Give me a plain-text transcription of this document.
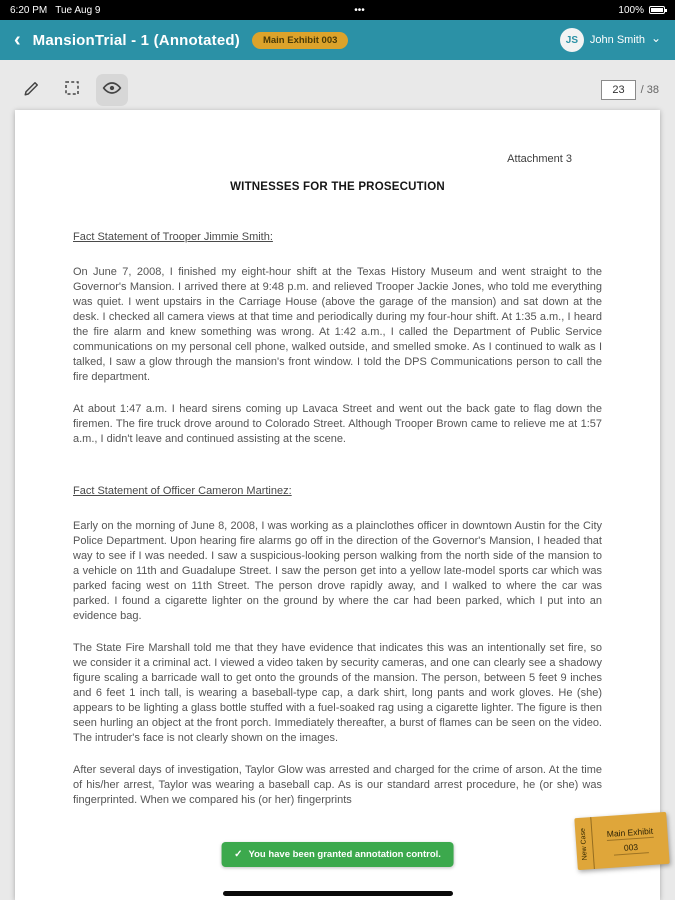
6:20 PM Tue Aug 9	•••	100%
‹ MansionTrial - 1 (Annotated)	Main Exhibit 003	JS	John Smith ⌄
23	/ 38
Attachment 3
WITNESSES FOR THE PROSECUTION
Fact Statement of Trooper Jimmie Smith:

On June 7, 2008, I finished my eight-hour shift at the Texas History Museum and went straight to the Governor's Mansion. I arrived there at 9:48 p.m. and relieved Trooper Jackie Jones, who told me everything was quiet. I went upstairs in the Carriage House (above the garage of the mansion) and sat down at the desk. I checked all camera views at that time and periodically during my four-hour shift. At 1:35 a.m., I heard the fire alarm and knew something was wrong. At 1:42 a.m., I called the Department of Public Service communications on my personal cell phone, walked outside, and smelled smoke. As I continued to walk as I talked, I saw a glow through the mansion's front window. I told the DPS Communications person to call the fire department.

At about 1:47 a.m. I heard sirens coming up Lavaca Street and went out the back gate to flag down the firemen. The fire truck drove around to Colorado Street. Although Trooper Brown came to relieve me at 1:57 a.m., I didn't leave and continued assisting at the scene.

Fact Statement of Officer Cameron Martinez:

Early on the morning of June 8, 2008, I was working as a plainclothes officer in downtown Austin for the City Police Department. Upon hearing fire alarms go off in the direction of the Governor's Mansion, I headed that way to see if I was needed. I saw a suspicious-looking person walking from the north side of the mansion to a vehicle on 11th and Guadalupe Street. I saw the person get into a yellow late-model sports car which was parked facing west on 11th Street. The person drove rapidly away, and I walked to where the car was parked. I found a cigarette lighter on the ground by where the car had been parked, which I put into an evidence bag.

The State Fire Marshall told me that they have evidence that indicates this was an intentionally set fire, so we consider it a criminal act. I viewed a video taken by security cameras, and one can clearly see a shadowy figure scaling a barricade wall to get onto the grounds of the mansion. The person, between 5 feet 9 inches and 6 feet 1 inch tall, is wearing a baseball-type cap, a dark shirt, long pants and work gloves. He (she) appears to be lighting a glass bottle stuffed with a fuel-soaked rag using a cigarette lighter. The figure is then seen hurling an object at the front porch. Immediately thereafter, a burst of flames can be seen on the video. The intruder's face is not clearly shown on the images.

After several days of investigation, Taylor Glow was arrested and charged for the crime of arson. At the time of his/her arrest, Taylor was wearing a baseball cap. As is our standard arrest procedure, he (or she) was fingerprinted. When we compared his (or her) fingerprints

✓ You have been granted annotation control.	New Case Main Exhibit
003
